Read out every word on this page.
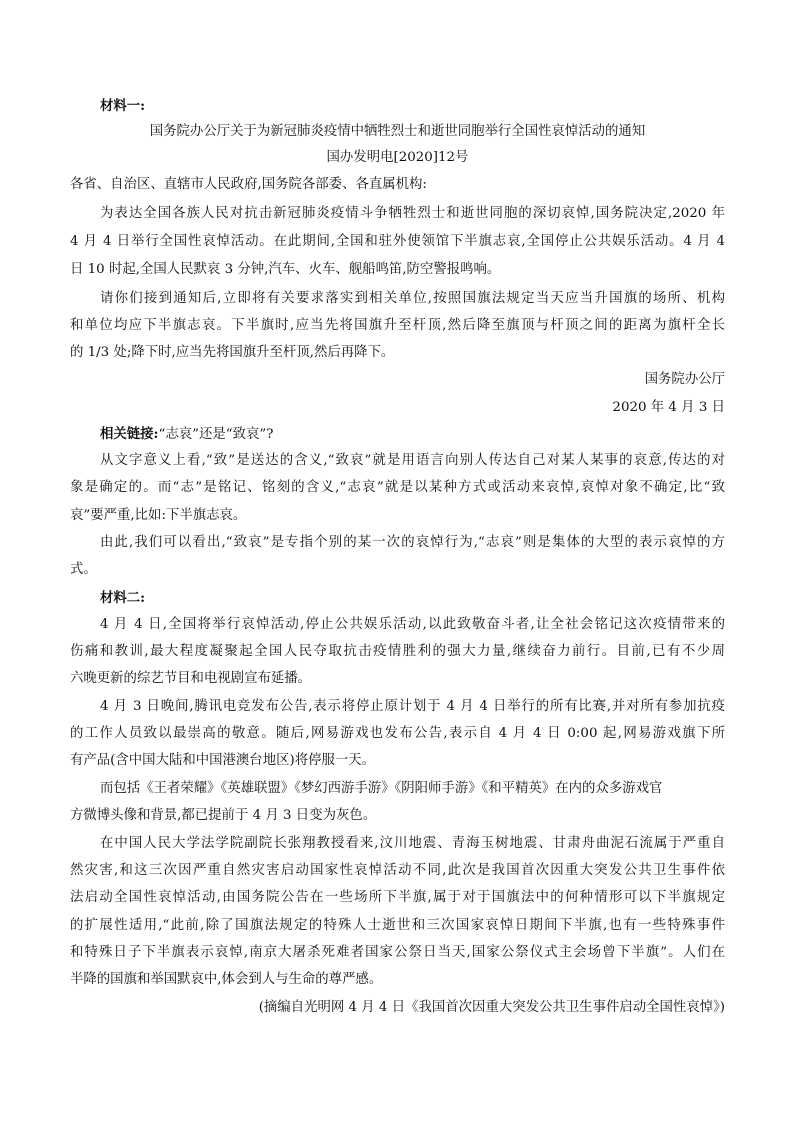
材料一:
国务院办公厅关于为新冠肺炎疫情中牺牲烈士和逝世同胞举行全国性哀悼活动的通知
国办发明电[2020]12号
各省、自治区、直辖市人民政府,国务院各部委、各直属机构:
为表达全国各族人民对抗击新冠肺炎疫情斗争牺牲烈士和逝世同胞的深切哀悼,国务院决定,2020 年
4 月 4 日举行全国性哀悼活动。在此期间,全国和驻外使领馆下半旗志哀,全国停止公共娱乐活动。4 月 4
日 10 时起,全国人民默哀 3 分钟,汽车、火车、舰船鸣笛,防空警报鸣响。
请你们接到通知后,立即将有关要求落实到相关单位,按照国旗法规定当天应当升国旗的场所、机构
和单位均应下半旗志哀。下半旗时,应当先将国旗升至杆顶,然后降至旗顶与杆顶之间的距离为旗杆全长
的 1/3 处;降下时,应当先将国旗升至杆顶,然后再降下。
国务院办公厅
2020 年 4 月 3 日
相关链接:“志哀”还是“致哀”?
从文字意义上看,“致”是送达的含义,“致哀”就是用语言向别人传达自己对某人某事的哀意,传达的对
象是确定的。而“志”是铭记、铭刻的含义,“志哀”就是以某种方式或活动来哀悼,哀悼对象不确定,比“致
哀”要严重,比如:下半旗志哀。
由此,我们可以看出,“致哀”是专指个别的某一次的哀悼行为,“志哀”则是集体的大型的表示哀悼的方
式。
材料二:
4 月 4 日,全国将举行哀悼活动,停止公共娱乐活动,以此致敬奋斗者,让全社会铭记这次疫情带来的
伤痛和教训,最大程度凝聚起全国人民夺取抗击疫情胜利的强大力量,继续奋力前行。目前,已有不少周
六晚更新的综艺节目和电视剧宣布延播。
4 月 3 日晚间,腾讯电竞发布公告,表示将停止原计划于 4 月 4 日举行的所有比赛,并对所有参加抗疫
的工作人员致以最崇高的敬意。随后,网易游戏也发布公告,表示自 4 月 4 日 0:00 起,网易游戏旗下所
有产品(含中国大陆和中国港澳台地区)将停服一天。
而包括《王者荣耀》《英雄联盟》《梦幻西游手游》《阴阳师手游》《和平精英》在内的众多游戏官
方微博头像和背景,都已提前于 4 月 3 日变为灰色。
在中国人民大学法学院副院长张翔教授看来,汶川地震、青海玉树地震、甘肃舟曲泥石流属于严重自
然灾害,和这三次因严重自然灾害启动国家性哀悼活动不同,此次是我国首次因重大突发公共卫生事件依
法启动全国性哀悼活动,由国务院公告在一些场所下半旗,属于对于国旗法中的何种情形可以下半旗规定
的扩展性适用,“此前,除了国旗法规定的特殊人士逝世和三次国家哀悼日期间下半旗,也有一些特殊事件
和特殊日子下半旗表示哀悼,南京大屠杀死难者国家公祭日当天,国家公祭仪式主会场曾下半旗”。人们在
半降的国旗和举国默哀中,体会到人与生命的尊严感。
(摘编自光明网 4 月 4 日《我国首次因重大突发公共卫生事件启动全国性哀悼》)
